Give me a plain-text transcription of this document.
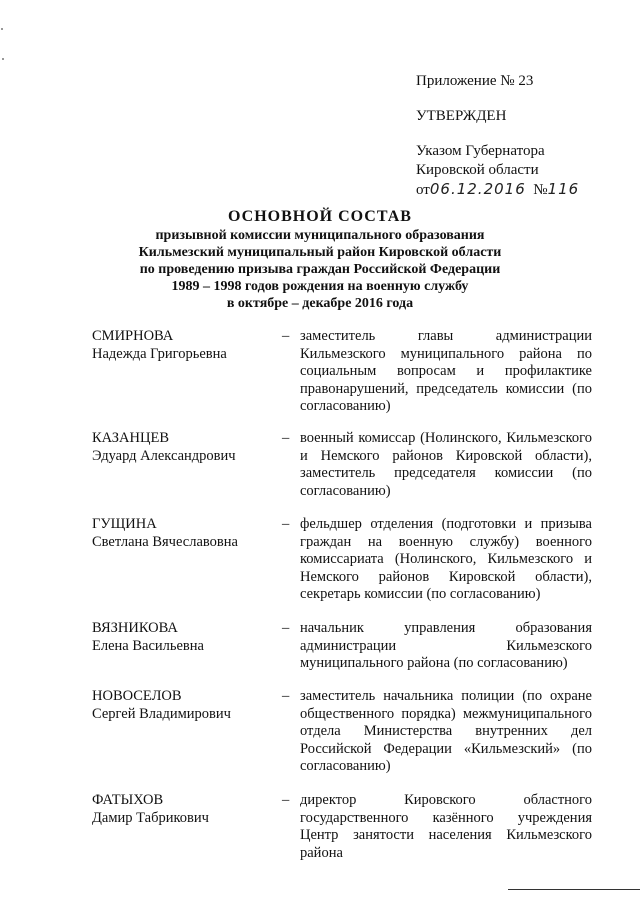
Приложение № 23
УТВЕРЖДЕН
Указом Губернатора
Кировской области
от06.12.2016 №116
ОСНОВНОЙ СОСТАВ
призывной комиссии муниципального образования
Кильмезский муниципальный район Кировской области
по проведению призыва граждан Российской Федерации
1989 – 1998 годов рождения на военную службу
в октябре – декабре 2016 года
СМИРНОВА
Надежда Григорьевна
– заместитель главы администрации Кильмезского муниципального района по социальным вопросам и профилактике правонарушений, председатель комиссии (по согласованию)
КАЗАНЦЕВ
Эдуард Александрович
– военный комиссар (Нолинского, Кильмезского и Немского районов Кировской области), заместитель председателя комиссии (по согласованию)
ГУЩИНА
Светлана Вячеславовна
– фельдшер отделения (подготовки и призыва граждан на военную службу) военного комиссариата (Нолинского, Кильмезского и Немского районов Кировской области), секретарь комиссии (по согласованию)
ВЯЗНИКОВА
Елена Васильевна
– начальник управления образования администрации Кильмезского муниципального района (по согласованию)
НОВОСЕЛОВ
Сергей Владимирович
– заместитель начальника полиции (по охране общественного порядка) межмуниципального отдела Министерства внутренних дел Российской Федерации «Кильмезский» (по согласованию)
ФАТЫХОВ
Дамир Табрикович
– директор Кировского областного государственного казённого учреждения Центр занятости населения Кильмезского района
